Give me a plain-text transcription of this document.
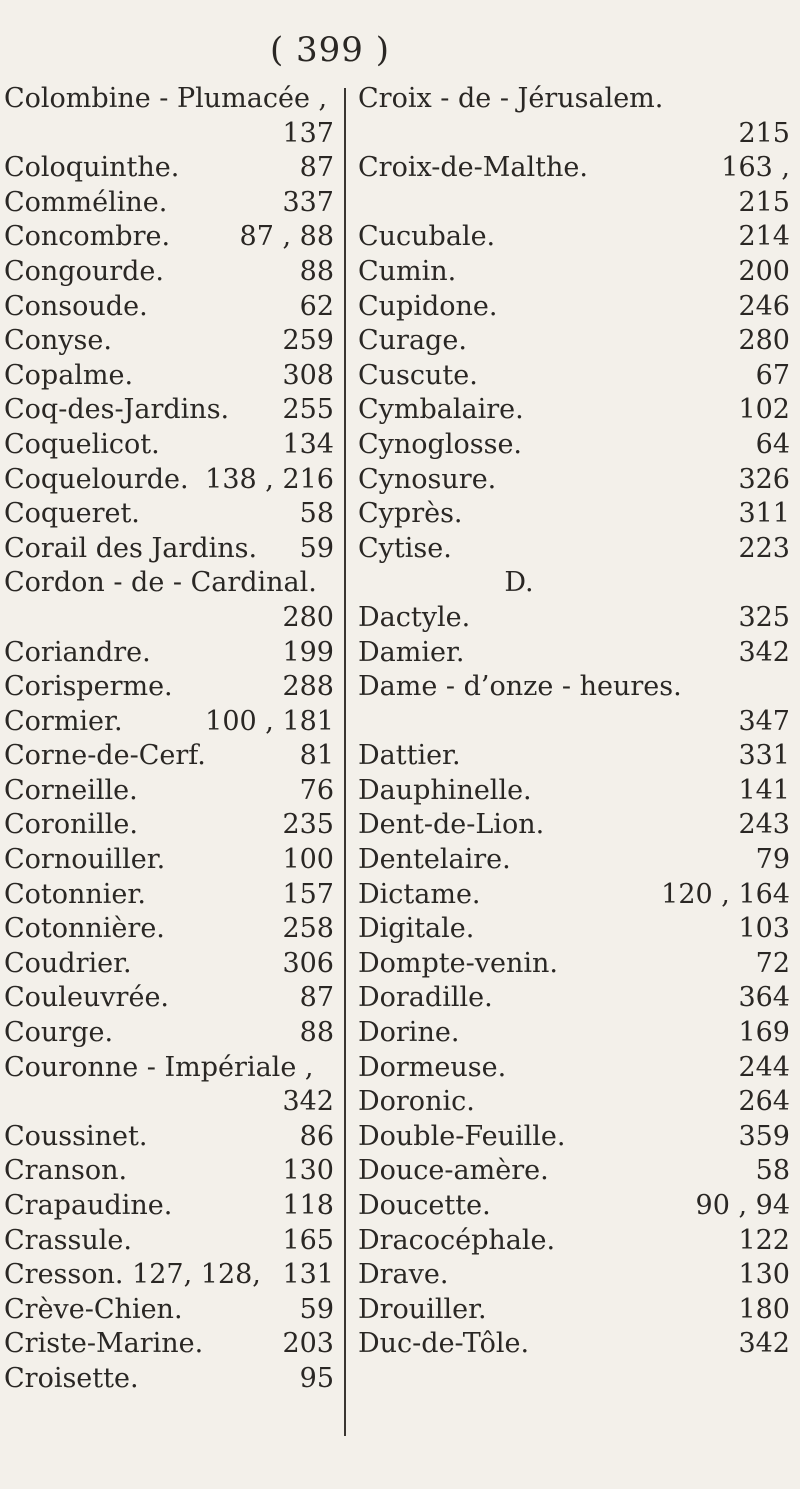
( 399 )
Colombine - Plumacée ,
137
Coloquinthe.	87
Comméline.	337
Concombre.	87 , 88
Congourde.	88
Consoude.	62
Conyse.	259
Copalme.	308
Coq-des-Jardins. 255
Coquelicot.	134
Coquelourde. 138 , 216
Coqueret.	58
Corail des Jardins. 59
Cordon - de - Cardinal.
280
Coriandre.	199
Corisperme.	288
Cormier.	100 , 181
Corne-de-Cerf.	81
Corneille.	76
Coronille.	235
Cornouiller.	100
Cotonnier.	157
Cotonnière.	258
Coudrier.	306
Couleuvrée.	87
Courge.	88
Couronne - Impériale ,
342
Coussinet.	86
Cranson.	130
Crapaudine.	118
Crassule.	165
Cresson. 127, 128, 131
Crève-Chien.	59
Criste-Marine.	203
Croisette.	95
Croix - de - Jérusalem.
215
Croix-de-Malthe.	163 ,
215
Cucubale.	214
Cumin.	200
Cupidone.	246
Curage.	280
Cuscute.	67
Cymbalaire.	102
Cynoglosse.	64
Cynosure.	326
Cyprès.	311
Cytise.	223
D.
Dactyle.	325
Damier.	342
Dame - d’onze - heures.
347
Dattier.	331
Dauphinelle.	141
Dent-de-Lion.	243
Dentelaire.	79
Dictame.	120 , 164
Digitale.	103
Dompte-venin.	72
Doradille.	364
Dorine.	169
Dormeuse.	244
Doronic.	264
Double-Feuille.	359
Douce-amère.	58
Doucette.	90 , 94
Dracocéphale.	122
Drave.	130
Drouiller.	180
Duc-de-Tôle.	342
